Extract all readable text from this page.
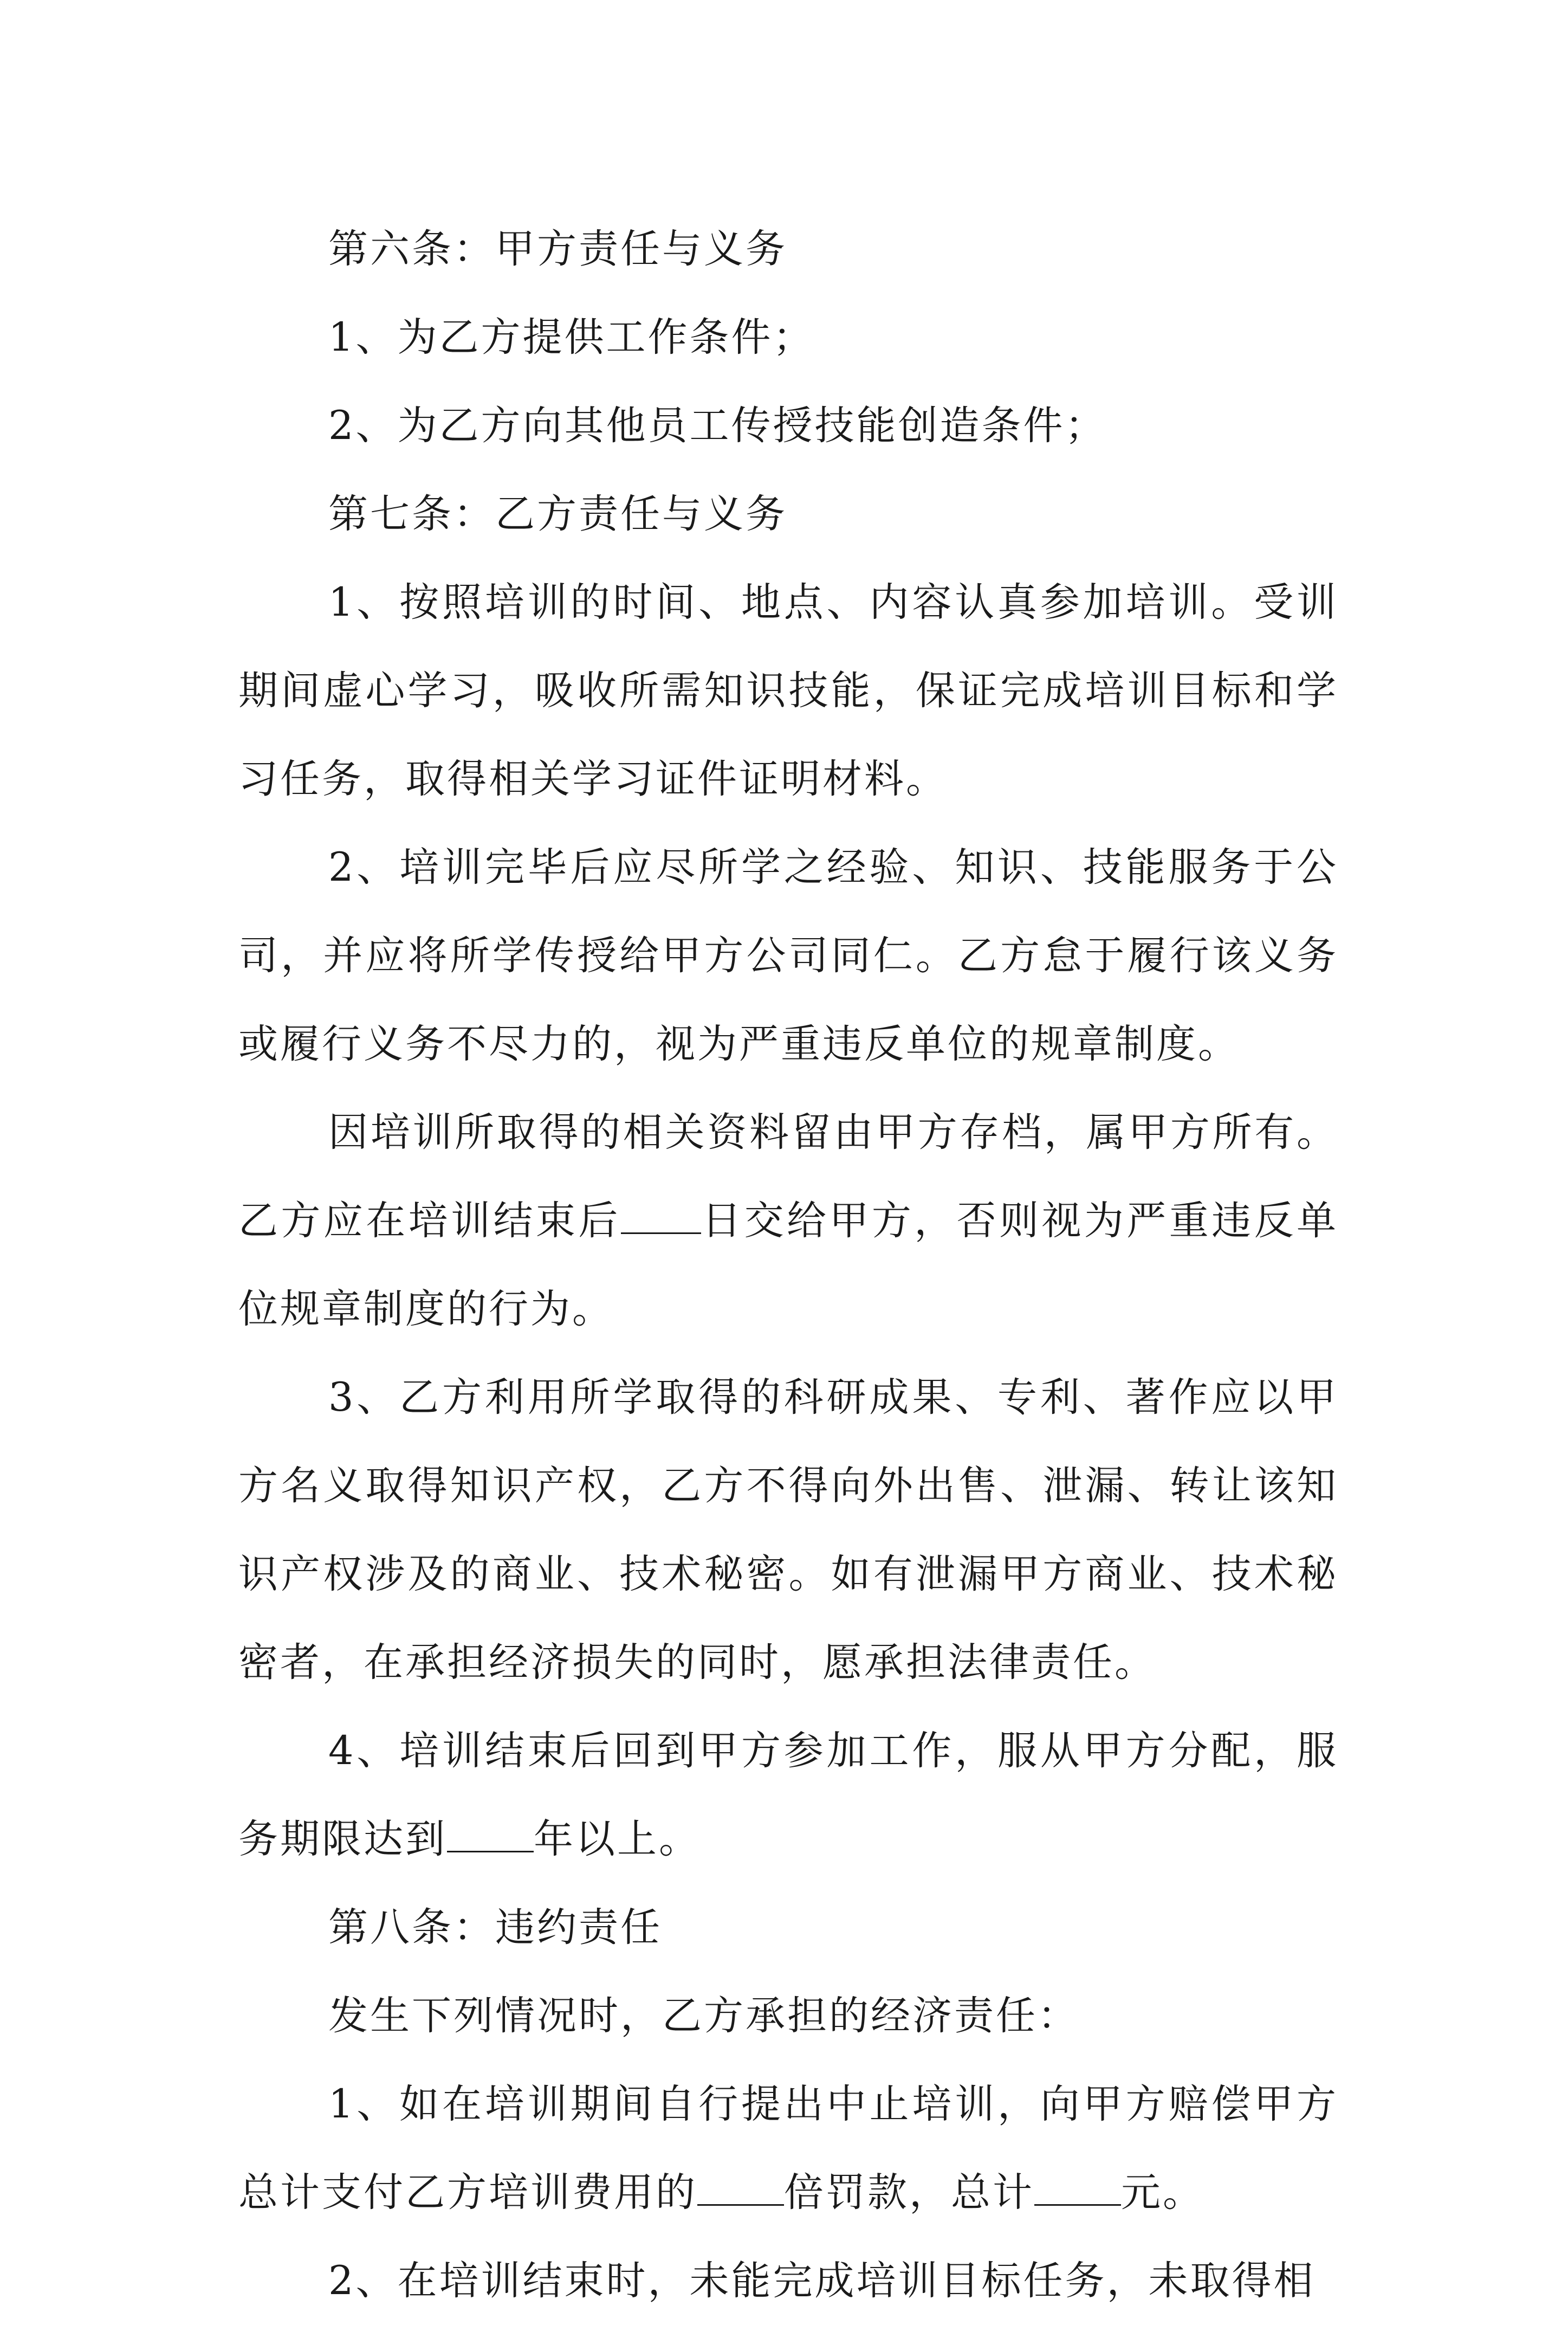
第六条：甲方责任与义务

1、为乙方提供工作条件；

2、为乙方向其他员工传授技能创造条件；

第七条：乙方责任与义务

1、按照培训的时间、地点、内容认真参加培训。受训期间虚心学习，吸收所需知识技能，保证完成培训目标和学习任务，取得相关学习证件证明材料。

2、培训完毕后应尽所学之经验、知识、技能服务于公司，并应将所学传授给甲方公司同仁。乙方怠于履行该义务或履行义务不尽力的，视为严重违反单位的规章制度。

因培训所取得的相关资料留由甲方存档，属甲方所有。乙方应在培训结束后 日交给甲方，否则视为严重违反单位规章制度的行为。

3、乙方利用所学取得的科研成果、专利、著作应以甲方名义取得知识产权，乙方不得向外出售、泄漏、转让该知识产权涉及的商业、技术秘密。如有泄漏甲方商业、技术秘密者，在承担经济损失的同时，愿承担法律责任。

4、培训结束后回到甲方参加工作，服从甲方分配，服务期限达到 年以上。

第八条：违约责任

发生下列情况时，乙方承担的经济责任：

1、如在培训期间自行提出中止培训，向甲方赔偿甲方总计支付乙方培训费用的 倍罚款，总计 元。

2、在培训结束时，未能完成培训目标任务，未取得相
